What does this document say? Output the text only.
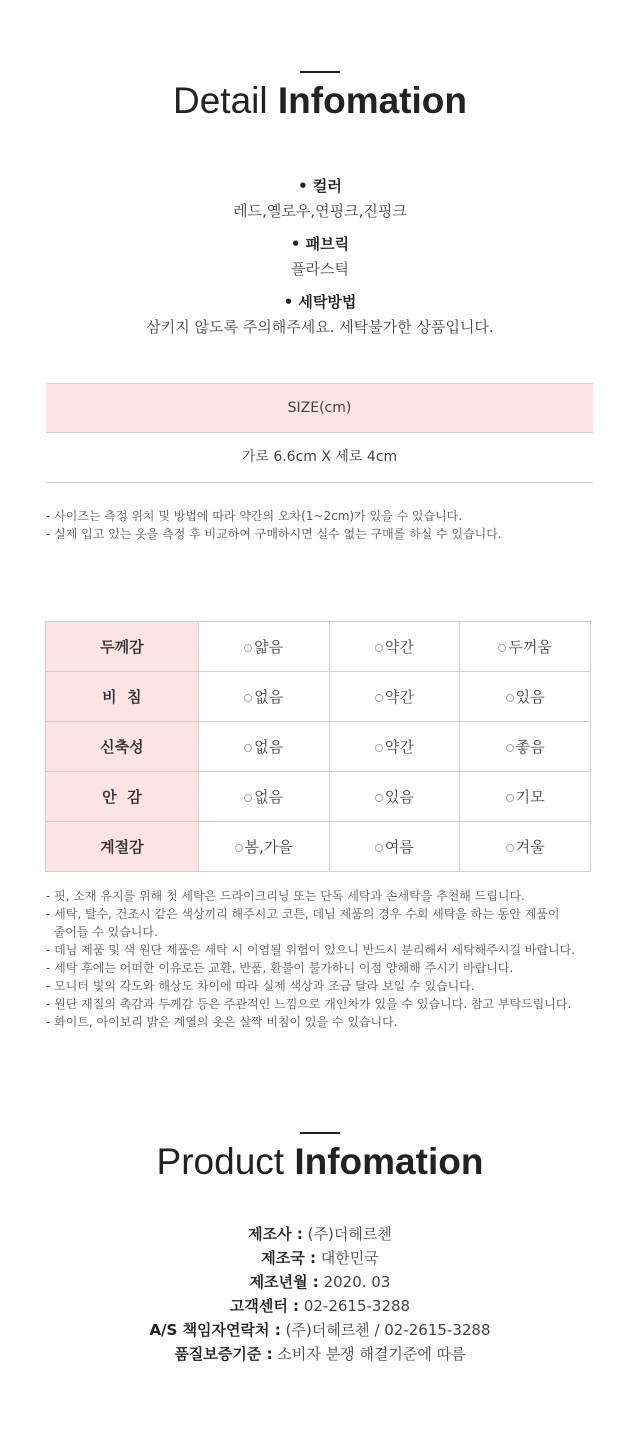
Detail Infomation
• 컬러
레드,옐로우,연핑크,진핑크
• 패브릭
플라스틱
• 세탁방법
삼키지 않도록 주의해주세요. 세탁불가한 상품입니다.
SIZE(cm)
가로 6.6cm X 세로 4cm
- 사이즈는 측정 위치 및 방법에 따라 약간의 오차(1~2cm)가 있을 수 있습니다.
- 실제 입고 있는 옷을 측정 후 비교하여 구매하시면 실수 없는 구매를 하실 수 있습니다.
두께감	얇음	약간	두꺼움
비  침	없음	약간	있음
신축성	없음	약간	좋음
안  감	없음	있음	기모
계절감	봄,가을	여름	겨울
- 핏, 소재 유지를 위해 첫 세탁은 드라이크리닝 또는 단독 세탁과 손세탁을 추천해 드립니다.
- 세탁, 탈수, 건조시 같은 색상끼리 해주시고 코튼, 데님 제품의 경우 수회 세탁을 하는 동안 제품이
줄어들 수 있습니다.
- 데님 제품 및 색 원단 제품은 세탁 시 이염될 위험이 있으니 반드시 분리해서 세탁해주시길 바랍니다.
- 세탁 후에는 어떠한 이유로든 교환, 반품, 환불이 불가하니 이점 양해해 주시기 바랍니다.
- 모니터 빛의 각도와 해상도 차이에 따라 실제 색상과 조금 달라 보일 수 있습니다.
- 원단 재질의 촉감과 두께감 등은 주관적인 느낌으로 개인차가 있을 수 있습니다. 참고 부탁드립니다.
- 화이트, 아이보리 밝은 계열의 옷은 살짝 비침이 있을 수 있습니다.
Product Infomation
제조사 : (주)더헤르첸
제조국 : 대한민국
제조년월 : 2020. 03
고객센터 : 02-2615-3288
A/S 책임자연락처 : (주)더헤르첸 / 02-2615-3288
품질보증기준 : 소비자 분쟁 해결기준에 따름
